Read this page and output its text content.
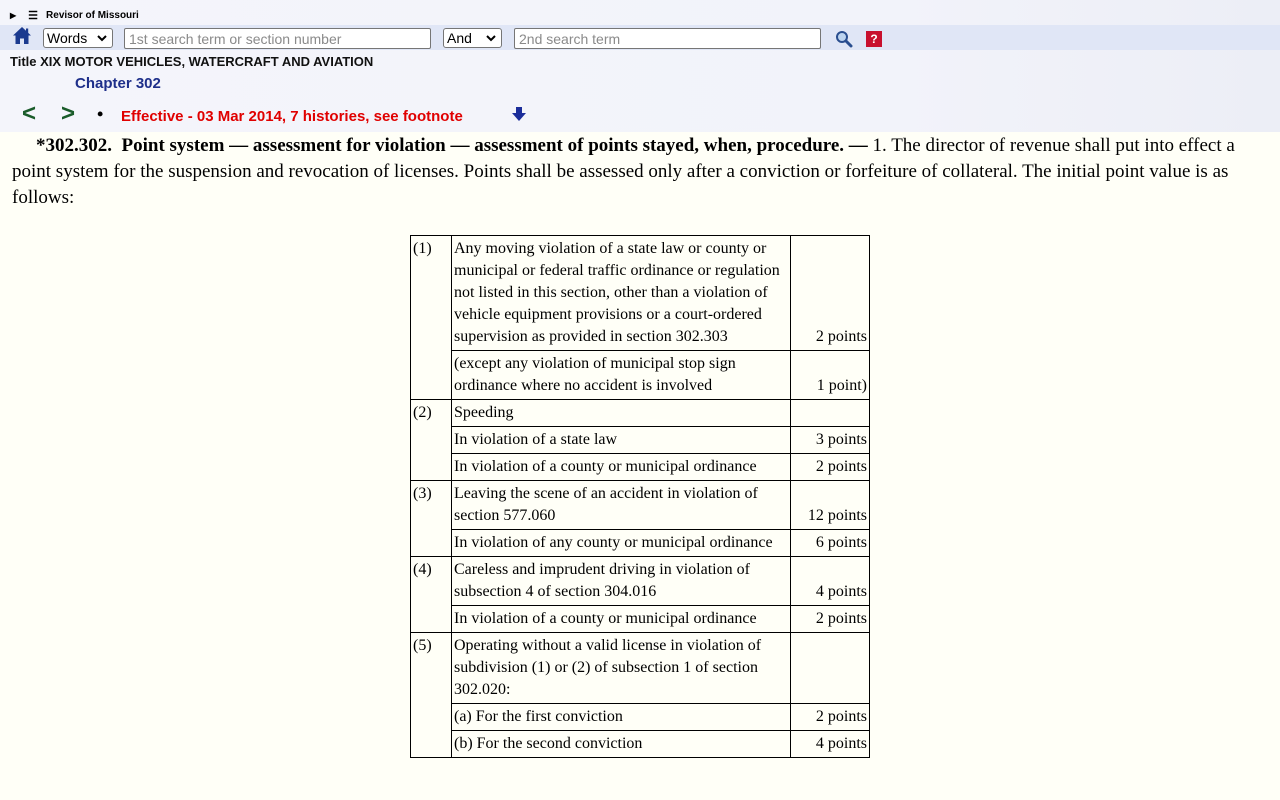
▶ ☰ Revisor of Missouri
Words	1st search term or section number	And	2nd search term	?
Title XIX MOTOR VEHICLES, WATERCRAFT AND AVIATION
Chapter 302
< > • Effective - 03 Mar 2014, 7 histories, see footnote
*302.302. Point system — assessment for violation — assessment of points stayed, when, procedure. — 1. The director of revenue shall put into effect a point system for the suspension and revocation of licenses. Points shall be assessed only after a conviction or forfeiture of collateral. The initial point value is as follows:
(1)	Any moving violation of a state law or county or municipal or federal traffic ordinance or regulation not listed in this section, other than a violation of vehicle equipment provisions or a court-ordered supervision as provided in section 302.303	2 points
	(except any violation of municipal stop sign ordinance where no accident is involved	1 point)
(2)	Speeding	
	In violation of a state law	3 points
	In violation of a county or municipal ordinance	2 points
(3)	Leaving the scene of an accident in violation of section 577.060	12 points
	In violation of any county or municipal ordinance	6 points
(4)	Careless and imprudent driving in violation of subsection 4 of section 304.016	4 points
	In violation of a county or municipal ordinance	2 points
(5)	Operating without a valid license in violation of subdivision (1) or (2) of subsection 1 of section 302.020:	
	(a) For the first conviction	2 points
	(b) For the second conviction	4 points
